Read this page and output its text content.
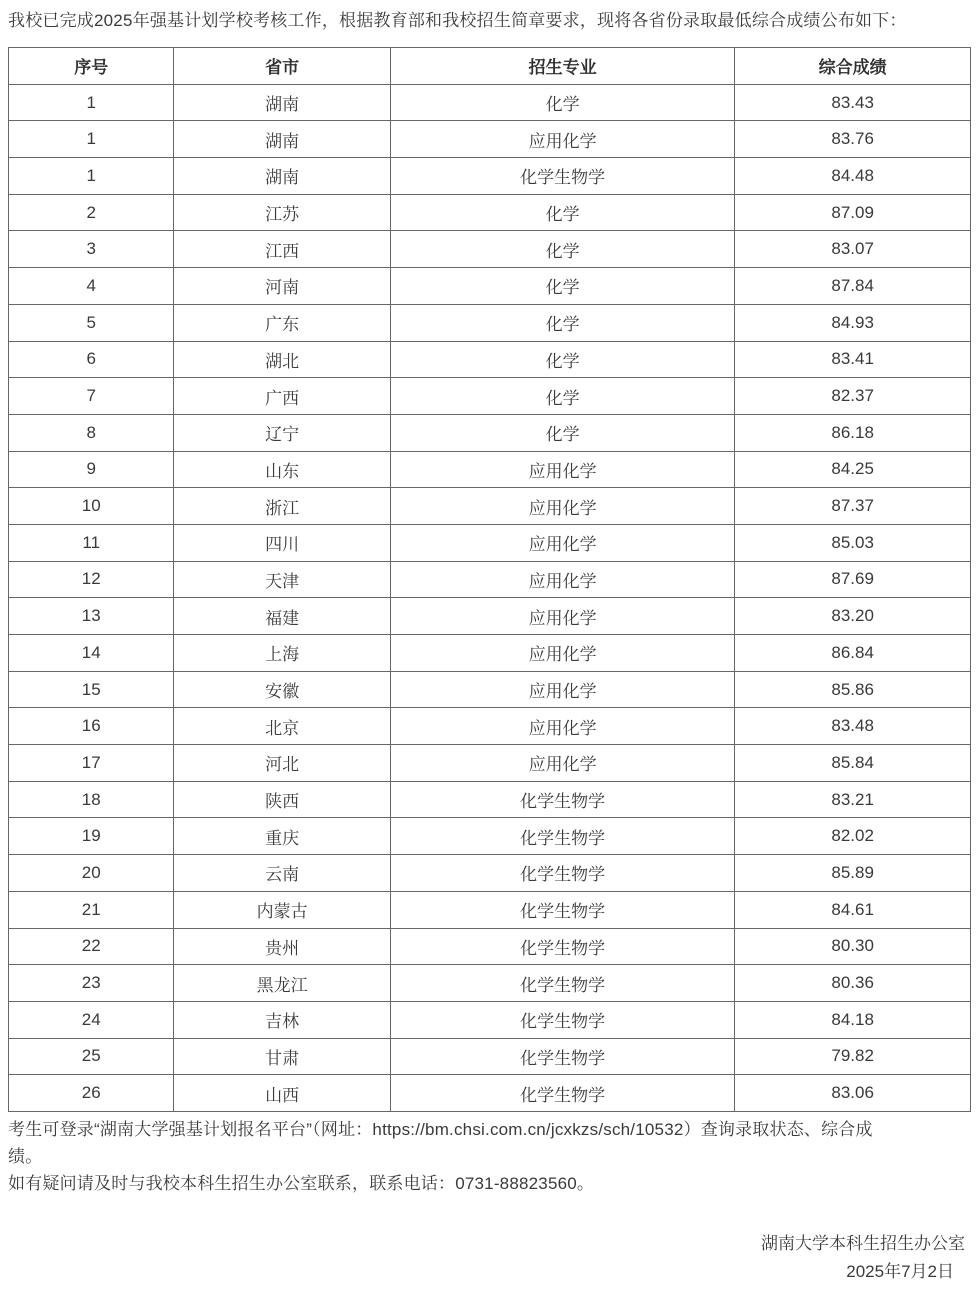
我校已完成2025年强基计划学校考核工作，根据教育部和我校招生简章要求，现将各省份录取最低综合成绩公布如下：

序号	省市	招生专业	综合成绩
1	湖南	化学	83.43
1	湖南	应用化学	83.76
1	湖南	化学生物学	84.48
2	江苏	化学	87.09
3	江西	化学	83.07
4	河南	化学	87.84
5	广东	化学	84.93
6	湖北	化学	83.41
7	广西	化学	82.37
8	辽宁	化学	86.18
9	山东	应用化学	84.25
10	浙江	应用化学	87.37
11	四川	应用化学	85.03
12	天津	应用化学	87.69
13	福建	应用化学	83.20
14	上海	应用化学	86.84
15	安徽	应用化学	85.86
16	北京	应用化学	83.48
17	河北	应用化学	85.84
18	陕西	化学生物学	83.21
19	重庆	化学生物学	82.02
20	云南	化学生物学	85.89
21	内蒙古	化学生物学	84.61
22	贵州	化学生物学	80.30
23	黑龙江	化学生物学	80.36
24	吉林	化学生物学	84.18
25	甘肃	化学生物学	79.82
26	山西	化学生物学	83.06

考生可登录“湖南大学强基计划报名平台”（网址：https://bm.chsi.com.cn/jcxkzs/sch/10532）查询录取状态、综合成
绩。

如有疑问请及时与我校本科生招生办公室联系，联系电话：0731-88823560。

湖南大学本科生招生办公室
2025年7月2日
